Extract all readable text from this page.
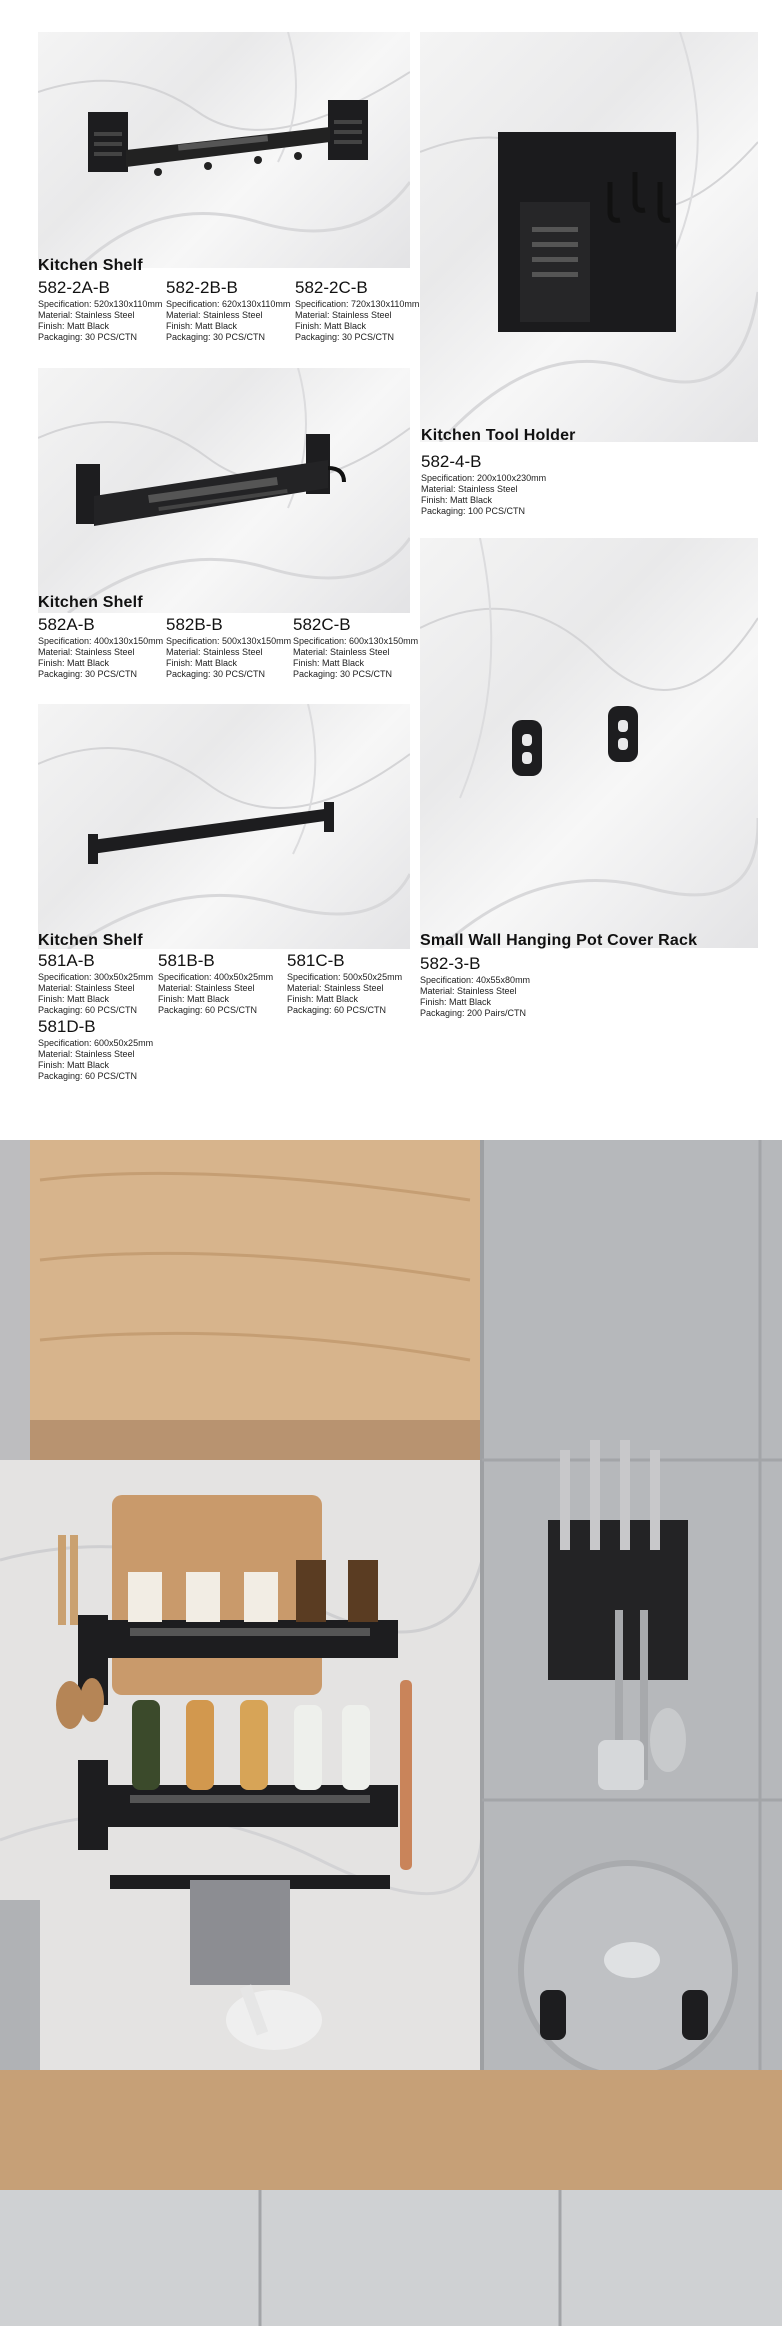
Kitchen Shelf
582-2A-B
Specification: 520x130x110mm
Material: Stainless Steel
Finish: Matt Black
Packaging: 30 PCS/CTN
582-2B-B
Specification: 620x130x110mm
Material: Stainless Steel
Finish: Matt Black
Packaging: 30 PCS/CTN
582-2C-B
Specification: 720x130x110mm
Material: Stainless Steel
Finish: Matt Black
Packaging: 30 PCS/CTN
Kitchen Tool Holder
582-4-B
Specification: 200x100x230mm
Material: Stainless Steel
Finish: Matt Black
Packaging: 100 PCS/CTN
Kitchen Shelf
582A-B
Specification: 400x130x150mm
Material: Stainless Steel
Finish: Matt Black
Packaging: 30 PCS/CTN
582B-B
Specification: 500x130x150mm
Material: Stainless Steel
Finish: Matt Black
Packaging: 30 PCS/CTN
582C-B
Specification: 600x130x150mm
Material: Stainless Steel
Finish: Matt Black
Packaging: 30 PCS/CTN
Kitchen Shelf
581A-B
Specification: 300x50x25mm
Material: Stainless Steel
Finish: Matt Black
Packaging: 60 PCS/CTN
581B-B
Specification: 400x50x25mm
Material: Stainless Steel
Finish: Matt Black
Packaging: 60 PCS/CTN
581C-B
Specification: 500x50x25mm
Material: Stainless Steel
Finish: Matt Black
Packaging: 60 PCS/CTN
581D-B
Specification: 600x50x25mm
Material: Stainless Steel
Finish: Matt Black
Packaging: 60 PCS/CTN
Small Wall Hanging Pot Cover Rack
582-3-B
Specification: 40x55x80mm
Material: Stainless Steel
Finish: Matt Black
Packaging: 200 Pairs/CTN
